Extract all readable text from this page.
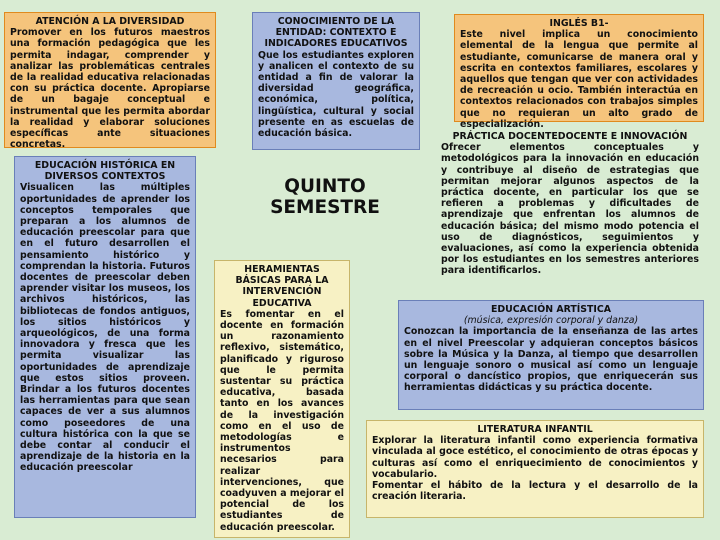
ATENCIÓN A LA DIVERSIDAD
Promover en los futuros maestros una formación pedagógica que les permita indagar, comprender y analizar las problemáticas centrales de la realidad educativa relacionadas con su práctica docente. Apropiarse de un bagaje conceptual e instrumental que les permita abordar la realidad y elaborar soluciones específicas ante situaciones concretas.
CONOCIMIENTO DE LA ENTIDAD: CONTEXTO E INDICADORES EDUCATIVOS
Que los estudiantes exploren y analicen el contexto de su entidad a fin de valorar la diversidad geográfica, económica, política, lingüística, cultural y social presente en as escuelas de educación básica.
INGLÉS B1-
Este nivel implica un conocimiento elemental de la lengua que permite al estudiante, comunicarse de manera oral y escrita en contextos familiares, escolares y aquellos que tengan que ver con actividades de recreación u ocio. También interactúa en contextos relacionados con trabajos simples que no requieran un alto grado de especialización.
EDUCACIÓN HISTÓRICA EN DIVERSOS CONTEXTOS
Visualicen las múltiples oportunidades de aprender los conceptos temporales que preparan a los alumnos de educación preescolar para que en el futuro desarrollen el pensamiento histórico y comprendan la historia. Futuros docentes de preescolar deben aprender visitar los museos, los archivos históricos, las bibliotecas de fondos antiguos, los sitios históricos y arqueológicos, de una forma innovadora y fresca que les permita visualizar las oportunidades de aprendizaje que estos sitios proveen. Brindar a los futuros docentes las herramientas para que sean capaces de ver a sus alumnos como poseedores de una cultura histórica con la que se debe contar al conducir el aprendizaje de la historia en la educación preescolar
QUINTO SEMESTRE
PRÁCTICA DOCENTEDOCENTE E INNOVACIÓN
Ofrecer elementos conceptuales y metodológicos para la innovación en educación y contribuye al diseño de estrategias que permitan mejorar algunos aspectos de la práctica docente, en particular los que se refieren a problemas y dificultades de aprendizaje que enfrentan los alumnos de educación básica; del mismo modo potencia el uso de diagnósticos, seguimientos y evaluaciones, así como la experiencia obtenida por los estudiantes en los semestres anteriores para identificarlos.
HERAMIENTAS BÁSICAS PARA LA INTERVENCIÓN EDUCATIVA
Es fomentar en el docente en formación un razonamiento reflexivo, sistemático, planificado y riguroso que le permita sustentar su práctica educativa, basada tanto en los avances de la investigación como en el uso de metodologías e instrumentos necesarios para realizar intervenciones, que coadyuven a mejorar el potencial de los estudiantes de educación preescolar.
EDUCACIÓN ARTÍSTICA
(música, expresión corporal y danza)
Conozcan la importancia de la enseñanza de las artes en el nivel Preescolar y adquieran conceptos básicos sobre la Música y la Danza, al tiempo que desarrollen un lenguaje sonoro o musical así como un lenguaje corporal o dancístico propios, que enriquecerán sus herramientas didácticas y su práctica docente.
LITERATURA INFANTIL
Explorar la literatura infantil como experiencia formativa vinculada al goce estético, el conocimiento de otras épocas y culturas así como el enriquecimiento de conocimientos y vocabulario.
Fomentar el hábito de la lectura y el desarrollo de la creación literaria.
